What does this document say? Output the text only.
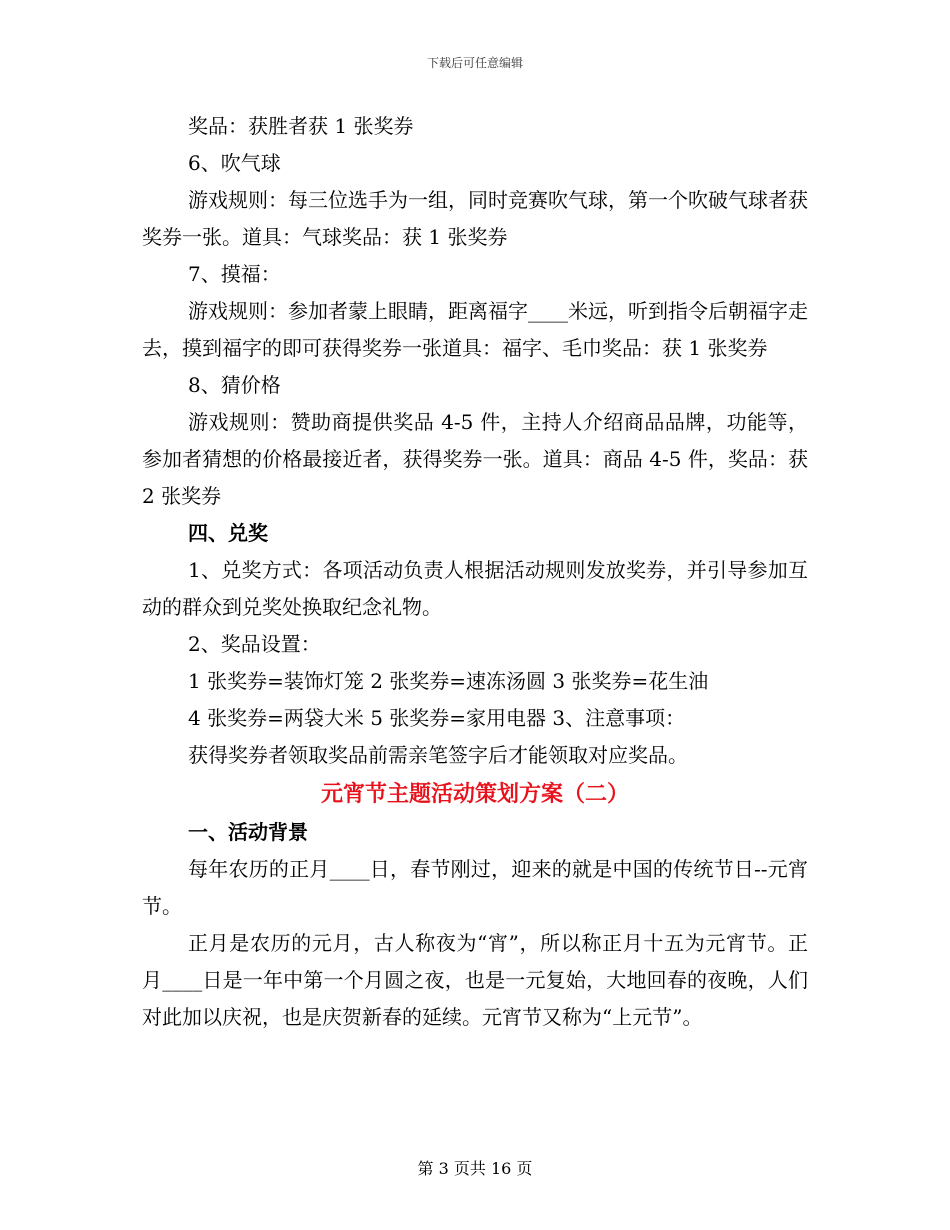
下载后可任意编辑
奖品：获胜者获 1 张奖券
6、吹气球
游戏规则：每三位选手为一组，同时竞赛吹气球，第一个吹破气球者获奖券一张。道具：气球奖品：获 1 张奖券
7、摸福：
游戏规则：参加者蒙上眼睛，距离福字____米远，听到指令后朝福字走去，摸到福字的即可获得奖券一张道具：福字、毛巾奖品：获 1 张奖券
8、猜价格
游戏规则：赞助商提供奖品 4-5 件，主持人介绍商品品牌，功能等，参加者猜想的价格最接近者，获得奖券一张。道具：商品 4-5 件，奖品：获 2 张奖券
四、兑奖
1、兑奖方式：各项活动负责人根据活动规则发放奖券，并引导参加互动的群众到兑奖处换取纪念礼物。
2、奖品设置：
1 张奖券=装饰灯笼 2 张奖券=速冻汤圆 3 张奖券=花生油
4 张奖券=两袋大米 5 张奖券=家用电器 3、注意事项：
获得奖券者领取奖品前需亲笔签字后才能领取对应奖品。
元宵节主题活动策划方案（二）
一、活动背景
每年农历的正月____日，春节刚过，迎来的就是中国的传统节日--元宵节。
正月是农历的元月，古人称夜为“宵”，所以称正月十五为元宵节。正月____日是一年中第一个月圆之夜，也是一元复始，大地回春的夜晚，人们对此加以庆祝，也是庆贺新春的延续。元宵节又称为“上元节”。
第 3 页共 16 页
